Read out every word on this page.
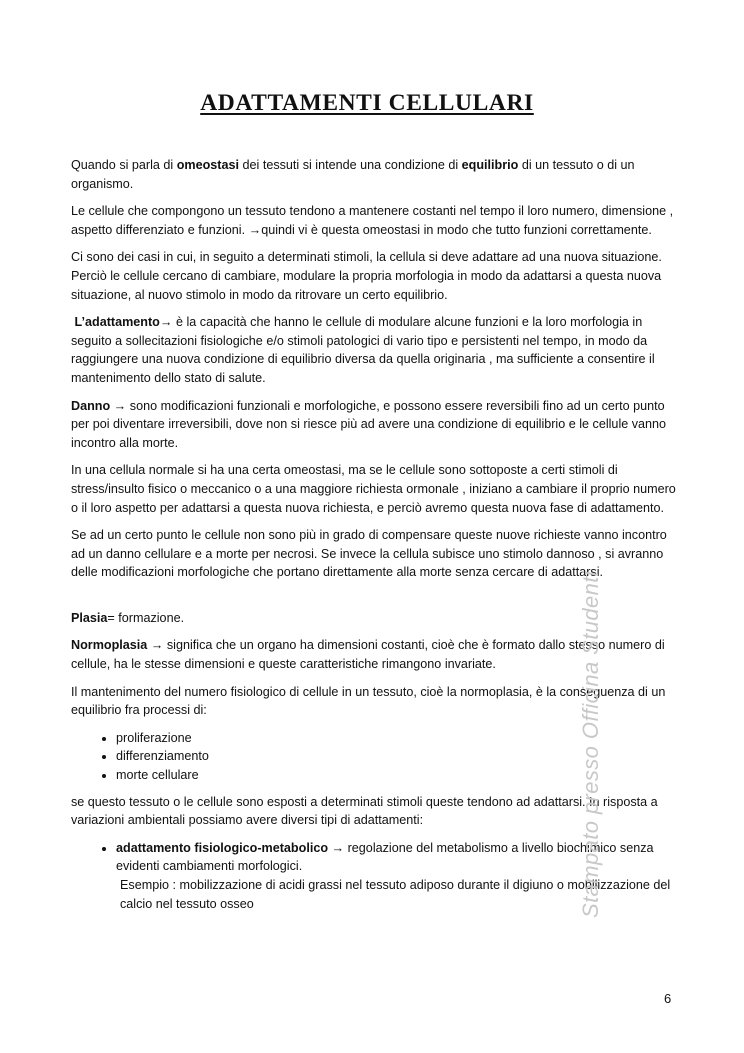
ADATTAMENTI CELLULARI

Quando si parla di omeostasi dei tessuti si intende una condizione di equilibrio di un tessuto o di un organismo.

Le cellule che compongono un tessuto tendono a mantenere costanti nel tempo il loro numero, dimensione , aspetto differenziato e funzioni. →quindi vi è questa omeostasi in modo che tutto funzioni correttamente.

Ci sono dei casi in cui, in seguito a determinati stimoli, la cellula si deve adattare ad una nuova situazione. Perciò le cellule cercano di cambiare, modulare la propria morfologia in modo da adattarsi a questa nuova situazione, al nuovo stimolo in modo da ritrovare un certo equilibrio.

L’adattamento→ è la capacità che hanno le cellule di modulare alcune funzioni e la loro morfologia in seguito a sollecitazioni fisiologiche e/o stimoli patologici di vario tipo e persistenti nel tempo, in modo da raggiungere una nuova condizione di equilibrio diversa da quella originaria , ma sufficiente a consentire il mantenimento dello stato di salute.

Danno → sono modificazioni funzionali e morfologiche, e possono essere reversibili fino ad un certo punto per poi diventare irreversibili, dove non si riesce più ad avere una condizione di equilibrio e le cellule vanno incontro alla morte.

In una cellula normale si ha una certa omeostasi, ma se le cellule sono sottoposte a certi stimoli di stress/insulto fisico o meccanico o a una maggiore richiesta ormonale , iniziano a cambiare il proprio numero o il loro aspetto per adattarsi a questa nuova richiesta, e perciò avremo questa nuova fase di adattamento.

Se ad un certo punto le cellule non sono più in grado di compensare queste nuove richieste vanno incontro ad un danno cellulare e a morte per necrosi. Se invece la cellula subisce uno stimolo dannoso , si avranno delle modificazioni morfologiche che portano direttamente alla morte senza cercare di adattarsi.

Plasia= formazione.

Normoplasia → significa che un organo ha dimensioni costanti, cioè che è formato dallo stesso numero di cellule, ha le stesse dimensioni e queste caratteristiche rimangono invariate.

Il mantenimento del numero fisiologico di cellule in un tessuto, cioè la normoplasia, è la conseguenza di un equilibrio fra processi di:

• proliferazione
• differenziamento
• morte cellulare

se questo tessuto o le cellule sono esposti a determinati stimoli queste tendono ad adattarsi. In risposta a variazioni ambientali possiamo avere diversi tipi di adattamenti:

• adattamento fisiologico-metabolico → regolazione del metabolismo a livello biochimico senza evidenti cambiamenti morfologici.
Esempio : mobilizzazione di acidi grassi nel tessuto adiposo durante il digiuno o mobilizzazione del calcio nel tessuto osseo	Stampato presso Officina Studenti
6
